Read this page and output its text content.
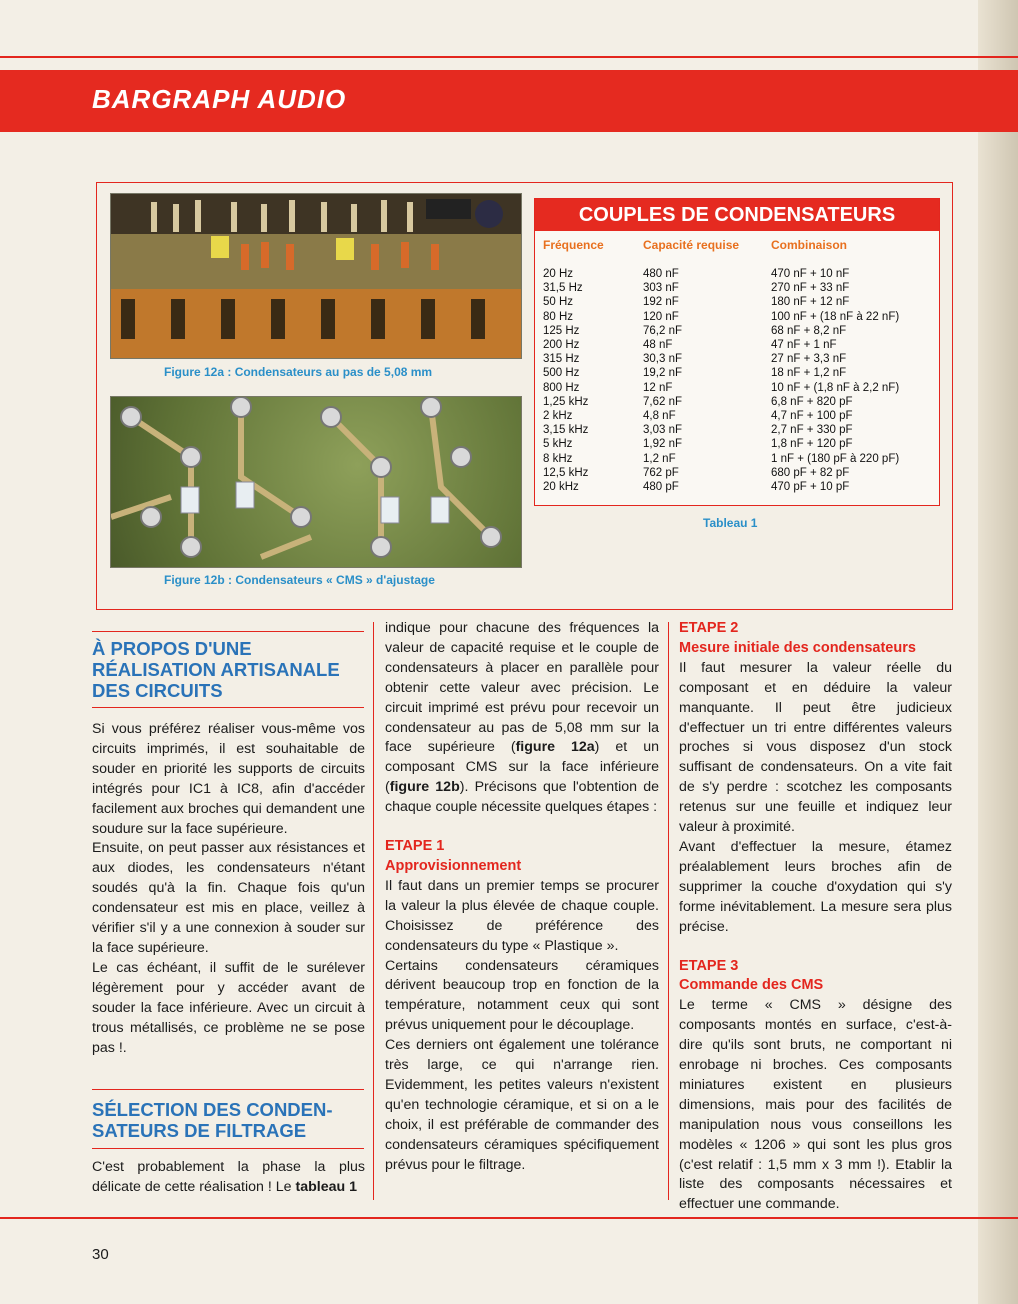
BARGRAPH AUDIO
Figure 12a : Condensateurs au pas de 5,08 mm
Figure 12b : Condensateurs « CMS » d'ajustage
COUPLES DE CONDENSATEURS
Fréquence	Capacité requise	Combinaison
20 Hz
31,5 Hz
50 Hz
80 Hz
125 Hz
200 Hz
315 Hz
500 Hz
800 Hz
1,25 kHz
2 kHz
3,15 kHz
5 kHz
8 kHz
12,5 kHz
20 kHz
480 nF
303 nF
192 nF
120 nF
76,2 nF
48 nF
30,3 nF
19,2 nF
12 nF
7,62 nF
4,8 nF
3,03 nF
1,92 nF
1,2 nF
762 pF
480 pF
470 nF + 10 nF
270 nF + 33 nF
180 nF + 12 nF
100 nF + (18 nF à 22 nF)
68 nF + 8,2 nF
47 nF + 1 nF
27 nF + 3,3 nF
18 nF + 1,2 nF
10 nF + (1,8 nF à 2,2 nF)
6,8 nF + 820 pF
4,7 nF + 100 pF
2,7 nF + 330 pF
1,8 nF + 120 pF
1 nF + (180 pF à 220 pF)
680 pF + 82 pF
470 pF + 10 pF
Tableau 1
À PROPOS D'UNE
RÉALISATION ARTISANALE
DES CIRCUITS

Si vous préférez réaliser vous-même vos circuits imprimés, il est souhaitable de souder en priorité les supports de circuits intégrés pour IC1 à IC8, afin d'accéder facilement aux broches qui demandent une soudure sur la face supérieure.

Ensuite, on peut passer aux résistances et aux diodes, les condensateurs n'étant soudés qu'à la fin. Chaque fois qu'un condensateur est mis en place, veillez à vérifier s'il y a une connexion à souder sur la face supérieure.

Le cas échéant, il suffit de le surélever légèrement pour y accéder avant de souder la face inférieure. Avec un circuit à trous métallisés, ce problème ne se pose pas !.

SÉLECTION DES CONDEN-
SATEURS DE FILTRAGE

C'est probablement la phase la plus délicate de cette réalisation ! Le tableau 1

indique pour chacune des fréquences la valeur de capacité requise et le couple de condensateurs à placer en parallèle pour obtenir cette valeur avec précision. Le circuit imprimé est prévu pour recevoir un condensateur au pas de 5,08 mm sur la face supérieure (figure 12a) et un composant CMS sur la face inférieure (figure 12b). Précisons que l'obtention de chaque couple nécessite quelques étapes :

ETAPE 1
Approvisionnement

Il faut dans un premier temps se procurer la valeur la plus élevée de chaque couple. Choisissez de préférence des condensateurs du type « Plastique ».

Certains condensateurs céramiques dérivent beaucoup trop en fonction de la température, notamment ceux qui sont prévus uniquement pour le découplage.

Ces derniers ont également une tolérance très large, ce qui n'arrange rien. Evidemment, les petites valeurs n'existent qu'en technologie céramique, et si on a le choix, il est préférable de commander des condensateurs céramiques spécifiquement prévus pour le filtrage.

ETAPE 2
Mesure initiale des condensateurs

Il faut mesurer la valeur réelle du composant et en déduire la valeur manquante. Il peut être judicieux d'effectuer un tri entre différentes valeurs proches si vous disposez d'un stock suffisant de condensateurs. On a vite fait de s'y perdre : scotchez les composants retenus sur une feuille et indiquez leur valeur à proximité.

Avant d'effectuer la mesure, étamez préalablement leurs broches afin de supprimer la couche d'oxydation qui s'y forme inévitablement. La mesure sera plus précise.

ETAPE 3
Commande des CMS

Le terme « CMS » désigne des composants montés en surface, c'est-à-dire qu'ils sont bruts, ne comportant ni enrobage ni broches. Ces composants miniatures existent en plusieurs dimensions, mais pour des facilités de manipulation nous vous conseillons les modèles « 1206 » qui sont les plus gros (c'est relatif : 1,5 mm x 3 mm !). Etablir la liste des composants nécessaires et effectuer une commande.

30
